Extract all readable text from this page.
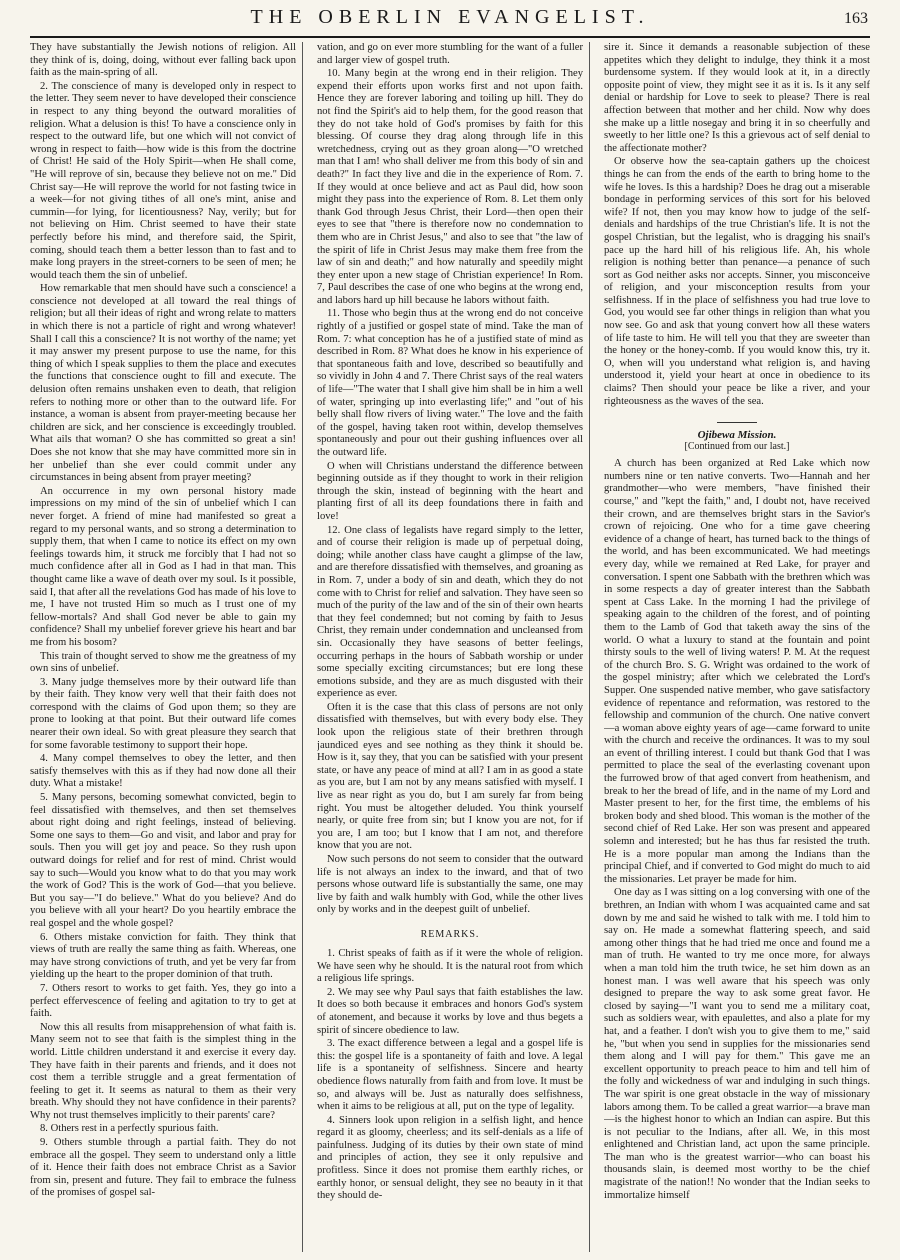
THE OBERLIN EVANGELIST.	163

They have substantially the Jewish notions of religion. All they think of is, doing, doing, without ever falling back upon faith as the main-spring of all.

2. The conscience of many is developed only in respect to the letter. They seem never to have developed their conscience in respect to any thing beyond the outward moralities of religion. What a delusion is this! To have a conscience only in respect to the outward life, but one which will not convict of wrong in respect to faith—how wide is this from the doctrine of Christ! He said of the Holy Spirit—when He shall come, "He will reprove of sin, because they believe not on me." Did Christ say—He will reprove the world for not fasting twice in a week—for not giving tithes of all one's mint, anise and cummin—for lying, for licentiousness? Nay, verily; but for not believing on Him. Christ seemed to have their state perfectly before his mind, and therefore said, the Spirit, coming, should teach them a better lesson than to fast and to make long prayers in the street-corners to be seen of men; he would teach them the sin of unbelief.

How remarkable that men should have such a conscience! a conscience not developed at all toward the real things of religion; but all their ideas of right and wrong relate to matters in which there is not a particle of right and wrong whatever! Shall I call this a conscience? It is not worthy of the name; yet it may answer my present purpose to use the name, for this thing of which I speak supplies to them the place and executes the functions that conscience ought to fill and execute. The delusion often remains unshaken even to death, that religion refers to nothing more or other than to the outward life. For instance, a woman is absent from prayer-meeting because her children are sick, and her conscience is exceedingly troubled. What ails that woman? O she has committed so great a sin! Does she not know that she may have committed more sin in her unbelief than she ever could commit under any circumstances in being absent from prayer meeting?

An occurrence in my own personal history made impressions on my mind of the sin of unbelief which I can never forget. A friend of mine had manifested so great a regard to my personal wants, and so strong a determination to supply them, that when I came to notice its effect on my own feelings towards him, it struck me forcibly that I had not so much confidence after all in God as I had in that man. This thought came like a wave of death over my soul. Is it possible, said I, that after all the revelations God has made of his love to me, I have not trusted Him so much as I trust one of my fellow-mortals? And shall God never be able to gain my confidence? Shall my unbelief forever grieve his heart and bar me from his bosom?

This train of thought served to show me the greatness of my own sins of unbelief.

3. Many judge themselves more by their outward life than by their faith. They know very well that their faith does not correspond with the claims of God upon them; so they are prone to looking at that point. But their outward life comes nearer their own ideal. So with great pleasure they search that for some favorable testimony to support their hope.

4. Many compel themselves to obey the letter, and then satisfy themselves with this as if they had now done all their duty. What a mistake!

5. Many persons, becoming somewhat convicted, begin to feel dissatisfied with themselves, and then set themselves about right doing and right feelings, instead of believing. Some one says to them—Go and visit, and labor and pray for souls. Then you will get joy and peace. So they rush upon outward doings for relief and for rest of mind. Christ would say to such—Would you know what to do that you may work the work of God? This is the work of God—that you believe. But you say—"I do believe." What do you believe? And do you believe with all your heart? Do you heartily embrace the real gospel and the whole gospel?

6. Others mistake conviction for faith. They think that views of truth are really the same thing as faith. Whereas, one may have strong convictions of truth, and yet be very far from yielding up the heart to the proper dominion of that truth.

7. Others resort to works to get faith. Yes, they go into a perfect effervescence of feeling and agitation to try to get at faith.

Now this all results from misapprehension of what faith is. Many seem not to see that faith is the simplest thing in the world. Little children understand it and exercise it every day. They have faith in their parents and friends, and it does not cost them a terrible struggle and a great fermentation of feeling to get it. It seems as natural to them as their very breath. Why should they not have confidence in their parents? Why not trust themselves implicitly to their parents' care?

8. Others rest in a perfectly spurious faith.

9. Others stumble through a partial faith. They do not embrace all the gospel. They seem to understand only a little of it. Hence their faith does not embrace Christ as a Savior from sin, present and future. They fail to embrace the fulness of the promises of gospel sal-

vation, and go on ever more stumbling for the want of a fuller and larger view of gospel truth.

10. Many begin at the wrong end in their religion. They expend their efforts upon works first and not upon faith. Hence they are forever laboring and toiling up hill. They do not find the Spirit's aid to help them, for the good reason that they do not take hold of God's promises by faith for this blessing. Of course they drag along through life in this wretchedness, crying out as they groan along—"O wretched man that I am! who shall deliver me from this body of sin and death?" In fact they live and die in the experience of Rom. 7. If they would at once believe and act as Paul did, how soon might they pass into the experience of Rom. 8. Let them only thank God through Jesus Christ, their Lord—then open their eyes to see that "there is therefore now no condemnation to them who are in Christ Jesus," and also to see that "the law of the spirit of life in Christ Jesus may make them free from the law of sin and death;" and how naturally and speedily might they enter upon a new stage of Christian experience! In Rom. 7, Paul describes the case of one who begins at the wrong end, and labors hard up hill because he labors without faith.

11. Those who begin thus at the wrong end do not conceive rightly of a justified or gospel state of mind. Take the man of Rom. 7: what conception has he of a justified state of mind as described in Rom. 8? What does he know in his experience of that spontaneous faith and love, described so beautifully and so vividly in John 4 and 7. There Christ says of the real waters of life—"The water that I shall give him shall be in him a well of water, springing up into everlasting life;" and "out of his belly shall flow rivers of living water." The love and the faith of the gospel, having taken root within, develop themselves spontaneously and pour out their gushing influences over all the outward life.

O when will Christians understand the difference between beginning outside as if they thought to work in their religion through the skin, instead of beginning with the heart and planting first of all its deep foundations there in faith and love!

12. One class of legalists have regard simply to the letter, and of course their religion is made up of perpetual doing, doing; while another class have caught a glimpse of the law, and are therefore dissatisfied with themselves, and groaning as in Rom. 7, under a body of sin and death, which they do not come with to Christ for relief and salvation. They have seen so much of the purity of the law and of the sin of their own hearts that they feel condemned; but not coming by faith to Jesus Christ, they remain under condemnation and uncleansed from sin. Occasionally they have seasons of better feelings, occurring perhaps in the hours of Sabbath worship or under some specially exciting circumstances; but ere long these emotions subside, and they are as much disgusted with their experience as ever.

Often it is the case that this class of persons are not only dissatisfied with themselves, but with every body else. They look upon the religious state of their brethren through jaundiced eyes and see nothing as they think it should be. How is it, say they, that you can be satisfied with your present state, or have any peace of mind at all? I am in as good a state as you are, but I am not by any means satisfied with myself. I live as near right as you do, but I am surely far from being right. You must be altogether deluded. You think yourself nearly, or quite free from sin; but I know you are not, for if you are, I am too; but I know that I am not, and therefore know that you are not.

Now such persons do not seem to consider that the outward life is not always an index to the inward, and that of two persons whose outward life is substantially the same, one may live by faith and walk humbly with God, while the other lives only by works and in the deepest guilt of unbelief.

REMARKS.

1. Christ speaks of faith as if it were the whole of religion. We have seen why he should. It is the natural root from which a religious life springs.

2. We may see why Paul says that faith establishes the law. It does so both because it embraces and honors God's system of atonement, and because it works by love and thus begets a spirit of sincere obedience to law.

3. The exact difference between a legal and a gospel life is this: the gospel life is a spontaneity of faith and love. A legal life is a spontaneity of selfishness. Sincere and hearty obedience flows naturally from faith and from love. It must be so, and always will be. Just as naturally does selfishness, when it aims to be religious at all, put on the type of legality.

4. Sinners look upon religion in a selfish light, and hence regard it as gloomy, cheerless; and its self-denials as a life of painfulness. Judging of its duties by their own state of mind and principles of action, they see it only repulsive and profitless. Since it does not promise them earthly riches, or earthly honor, or sensual delight, they see no beauty in it that they should de-

sire it. Since it demands a reasonable subjection of these appetites which they delight to indulge, they think it a most burdensome system. If they would look at it, in a directly opposite point of view, they might see it as it is. Is it any self denial or hardship for Love to seek to please? There is real affection between that mother and her child. Now why does she make up a little nosegay and bring it in so cheerfully and sweetly to her little one? Is this a grievous act of self denial to the affectionate mother?

Or observe how the sea-captain gathers up the choicest things he can from the ends of the earth to bring home to the wife he loves. Is this a hardship? Does he drag out a miserable bondage in performing services of this sort for his beloved wife? If not, then you may know how to judge of the self-denials and hardships of the true Christian's life. It is not the gospel Christian, but the legalist, who is dragging his snail's pace up the hard hill of his religious life. Ah, his whole religion is nothing better than penance—a penance of such sort as God neither asks nor accepts. Sinner, you misconceive of religion, and your misconception results from your selfishness. If in the place of selfishness you had true love to God, you would see far other things in religion than what you now see. Go and ask that young convert how all these waters of life taste to him. He will tell you that they are sweeter than the honey or the honey-comb. If you would know this, try it. O, when will you understand what religion is, and having understood it, yield your heart at once in obedience to its claims? Then should your peace be like a river, and your righteousness as the waves of the sea.

Ojibewa Mission.
[Continued from our last.]

A church has been organized at Red Lake which now numbers nine or ten native converts. Two—Hannah and her grandmother—who were members, "have finished their course," and "kept the faith," and, I doubt not, have received their crown, and are themselves bright stars in the Savior's crown of rejoicing. One who for a time gave cheering evidence of a change of heart, has turned back to the things of the world, and has been excommunicated. We had meetings every day, while we remained at Red Lake, for prayer and conversation. I spent one Sabbath with the brethren which was in some respects a day of greater interest than the Sabbath spent at Cass Lake. In the morning I had the privilege of speaking again to the children of the forest, and of pointing them to the Lamb of God that taketh away the sins of the world. O what a luxury to stand at the fountain and point thirsty souls to the well of living waters! P. M. At the request of the church Bro. S. G. Wright was ordained to the work of the gospel ministry; after which we celebrated the Lord's Supper. One suspended native member, who gave satisfactory evidence of repentance and reformation, was restored to the fellowship and communion of the church. One native convert—a woman above eighty years of age—came forward to unite with the church and receive the ordinances. It was to my soul an event of thrilling interest. I could but thank God that I was permitted to place the seal of the everlasting covenant upon the furrowed brow of that aged convert from heathenism, and break to her the bread of life, and in the name of my Lord and Master present to her, for the first time, the emblems of his broken body and shed blood. This woman is the mother of the second chief of Red Lake. Her son was present and appeared solemn and interested; but he has thus far resisted the truth. He is a more popular man among the Indians than the principal Chief, and if converted to God might do much to aid the missionaries. Let prayer be made for him.

One day as I was sitting on a log conversing with one of the brethren, an Indian with whom I was acquainted came and sat down by me and said he wished to talk with me. I told him to say on. He made a somewhat flattering speech, and said among other things that he had tried me once and found me a man of truth. He wanted to try me once more, for always when a man told him the truth twice, he set him down as an honest man. I was well aware that his speech was only designed to prepare the way to ask some great favor. He closed by saying—"I want you to send me a military coat, such as soldiers wear, with epaulettes, and also a plate for my hat, and a feather. I don't wish you to give them to me," said he, "but when you send in supplies for the missionaries send them along and I will pay for them." This gave me an excellent opportunity to preach peace to him and tell him of the folly and wickedness of war and indulging in such things. The war spirit is one great obstacle in the way of missionary labors among them. To be called a great warrior—a brave man—is the highest honor to which an Indian can aspire. But this is not peculiar to the Indians, after all. We, in this most enlightened and Christian land, act upon the same principle. The man who is the greatest warrior—who can boast his thousands slain, is deemed most worthy to be the chief magistrate of the nation!! No wonder that the Indian seeks to immortalize himself
